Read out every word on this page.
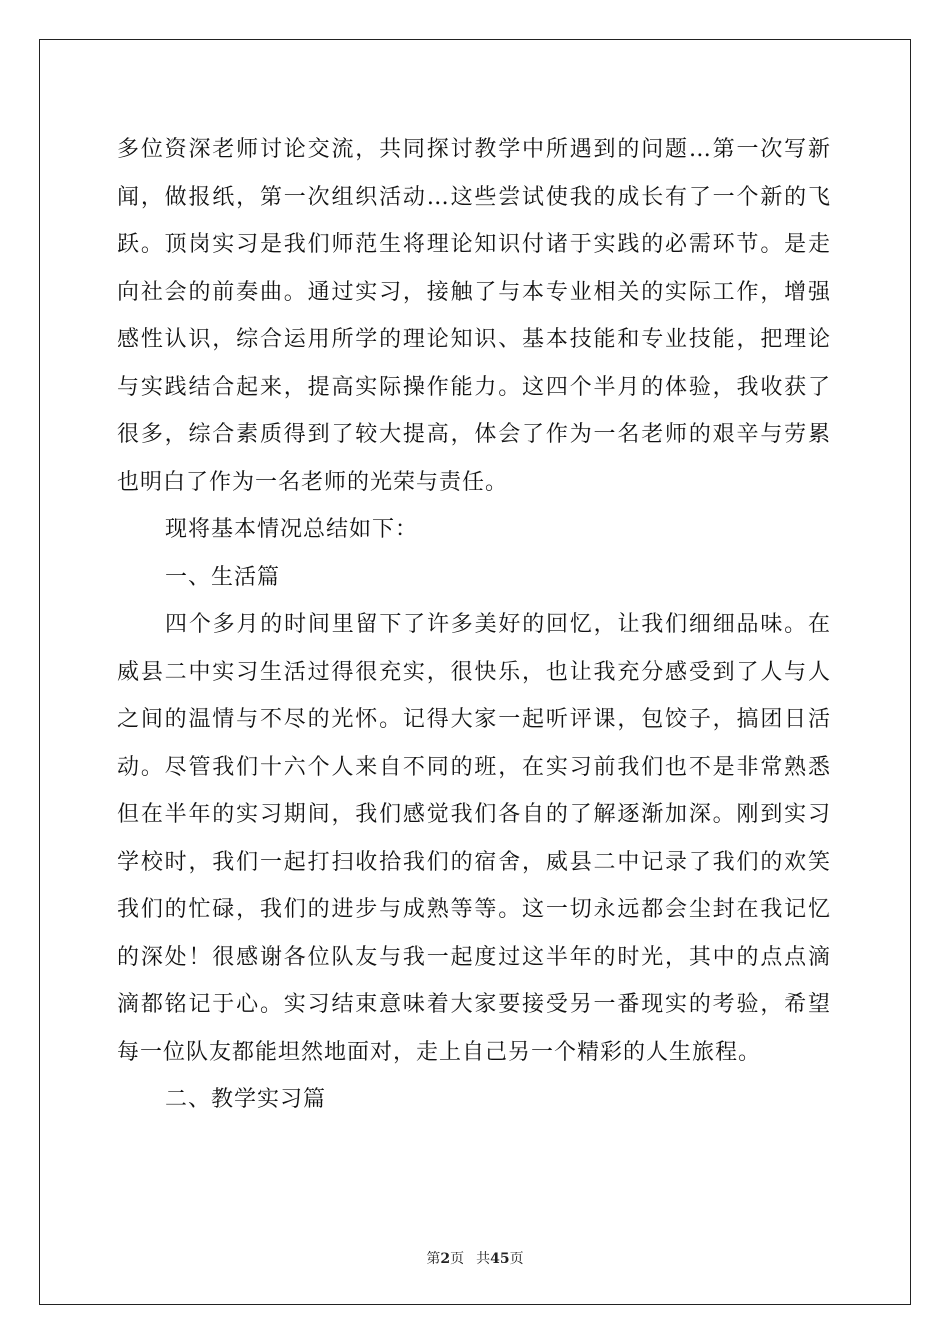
多位资深老师讨论交流，共同探讨教学中所遇到的问题…第一次写新
闻，做报纸，第一次组织活动…这些尝试使我的成长有了一个新的飞
跃。顶岗实习是我们师范生将理论知识付诸于实践的必需环节。是走
向社会的前奏曲。通过实习，接触了与本专业相关的实际工作，增强
感性认识，综合运用所学的理论知识、基本技能和专业技能，把理论
与实践结合起来，提高实际操作能力。这四个半月的体验，我收获了
很多，综合素质得到了较大提高，体会了作为一名老师的艰辛与劳累
也明白了作为一名老师的光荣与责任。
现将基本情况总结如下：
一、生活篇
四个多月的时间里留下了许多美好的回忆，让我们细细品味。在
威县二中实习生活过得很充实，很快乐，也让我充分感受到了人与人
之间的温情与不尽的光怀。记得大家一起听评课，包饺子，搞团日活
动。尽管我们十六个人来自不同的班，在实习前我们也不是非常熟悉
但在半年的实习期间，我们感觉我们各自的了解逐渐加深。刚到实习
学校时，我们一起打扫收拾我们的宿舍，威县二中记录了我们的欢笑
我们的忙碌，我们的进步与成熟等等。这一切永远都会尘封在我记忆
的深处！很感谢各位队友与我一起度过这半年的时光，其中的点点滴
滴都铭记于心。实习结束意味着大家要接受另一番现实的考验，希望
每一位队友都能坦然地面对，走上自己另一个精彩的人生旅程。
二、教学实习篇
第2页 共45页
